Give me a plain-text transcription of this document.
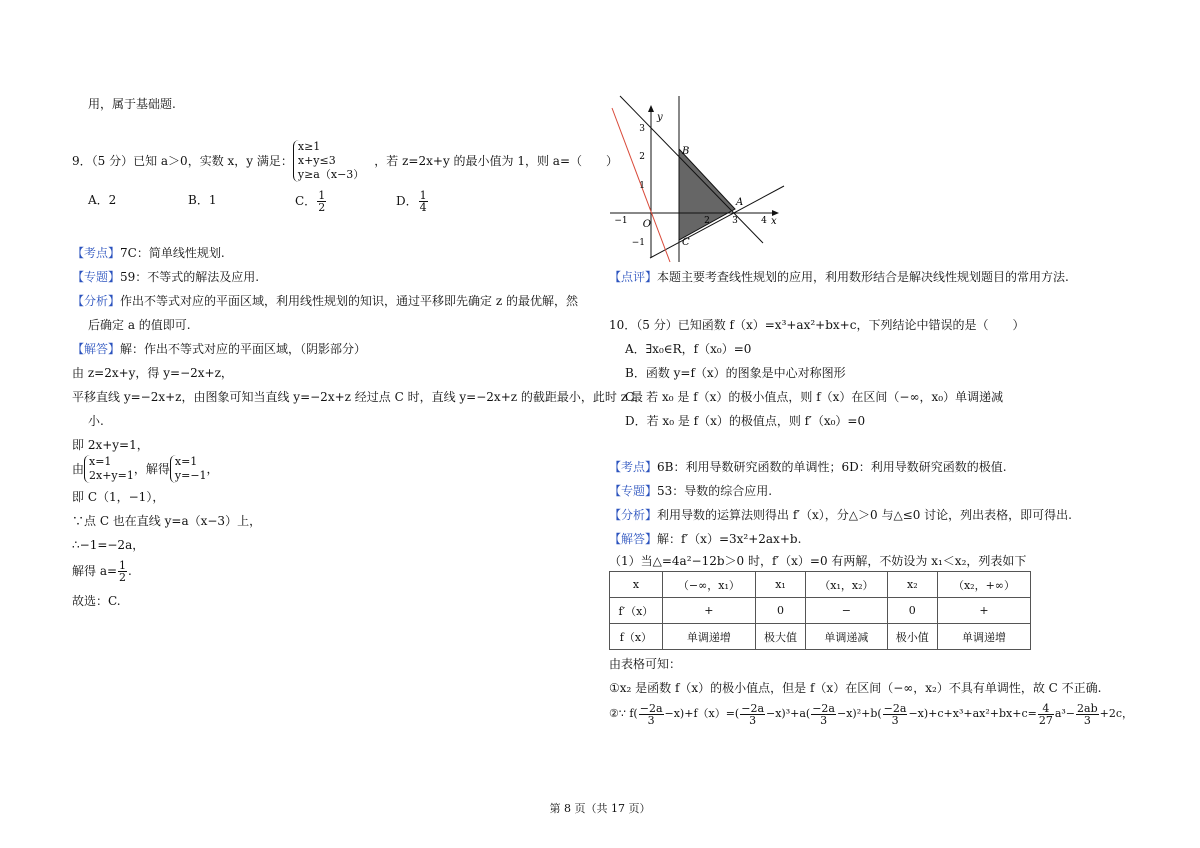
用，属于基础题.
9．（5 分）已知 a＞0，实数 x，y 满足：
x≥1
x+y≤3
y≥a（x−3）
，若 z=2x+y 的最小值为 1，则 a=（　　）
A．2	B．1	C． $\frac{1}{2}$	D． $\frac{1}{4}$
【考点】7C：简单线性规划.
【专题】59：不等式的解法及应用.
【分析】作出不等式对应的平面区域，利用线性规划的知识，通过平移即先确定 z 的最优解，然
后确定 a 的值即可.
【解答】解：作出不等式对应的平面区域，（阴影部分）
由 z=2x+y，得 y=−2x+z，
平移直线 y=−2x+z，由图象可知当直线 y=−2x+z 经过点 C 时，直线 y=−2x+z 的截距最小，此时 z 最
小.
即 2x+y=1，
由
x=1
2x+y=1 ，解得
x=1
y=−1 ，
即 C（1，−1），
∵点 C 也在直线 y=a（x−3）上，
∴−1=−2a，
解得 $a= \frac{1}{2}$ .
故选：C.
O
−1	2 3	4
3
2
1
−1
y
x
B
A
C
【点评】本题主要考查线性规划的应用，利用数形结合是解决线性规划题目的常用方法.
10．（5 分）已知函数 f（x）=x³+ax²+bx+c，下列结论中错误的是（　　）
A．∃x₀∈R，f（x₀）=0
B．函数 y=f（x）的图象是中心对称图形
C．若 x₀ 是 f（x）的极小值点，则 f（x）在区间（−∞，x₀）单调递减
D．若 x₀ 是 f（x）的极值点，则 f′（x₀）=0
【考点】6B：利用导数研究函数的单调性；6D：利用导数研究函数的极值.
【专题】53：导数的综合应用.
【分析】利用导数的运算法则得出 f′（x），分△＞0 与△≤0 讨论，列出表格，即可得出.
【解答】解：f′（x）=3x²+2ax+b.
（1）当△=4a²−12b＞0 时，f′（x）=0 有两解，不妨设为 x₁＜x₂，列表如下
x	（−∞，x₁）	x₁	（x₁，x₂）	x₂	（x₂，+∞）
f′（x）	+	0	−	0	+
f（x）	单调递增	极大值	单调递减	极小值	单调递增
由表格可知：
①x₂ 是函数 f（x）的极小值点，但是 f（x）在区间（−∞，x₂）不具有单调性，故 C 不正确.
②∵ $f( \frac{-2a}{3} -x)+f(x)=( \frac{-2a}{3} -x)^3+a( \frac{-2a}{3} -x)^2+b( \frac{-2a}{3} -x)+c+x^3+ax^2+bx+c= \frac{4}{27} a^3- \frac{2ab}{3} +2c$，
第 8 页（共 17 页）
